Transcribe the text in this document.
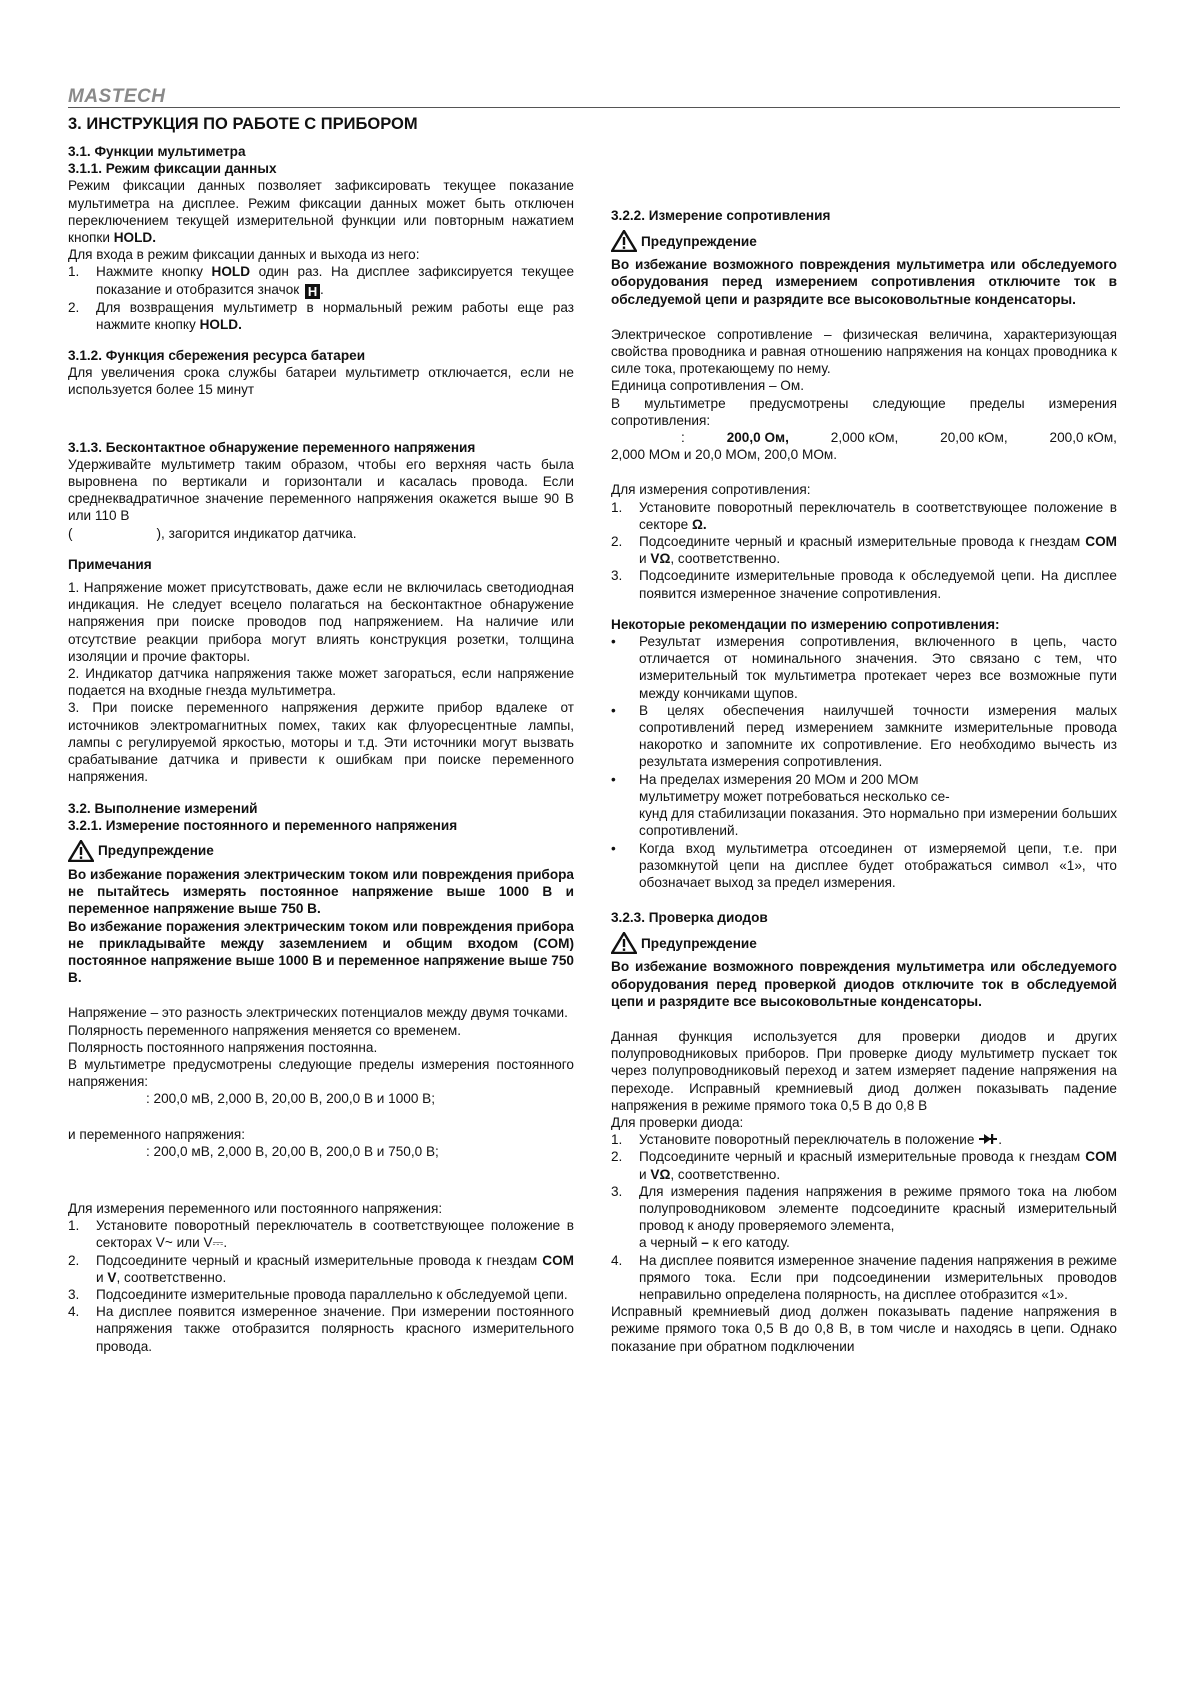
MASTECH
3. ИНСТРУКЦИЯ ПО РАБОТЕ С ПРИБОРОМ
3.1. Функции мультиметра
3.1.1. Режим фиксации данных

Режим фиксации данных позволяет зафиксировать текущее показание мультиметра на дисплее. Режим фиксации данных может быть отключен переключением текущей измерительной функции или повторным нажатием кнопки HOLD.

Для входа в режим фиксации данных и выхода из него:

1.	Нажмите кнопку HOLD один раз. На дисплее зафиксируется текущее показание и отобразится значок H .
2.	Для возвращения мультиметр в нормальный режим работы еще раз нажмите кнопку HOLD.
3.1.2. Функция сбережения ресурса батареи

Для увеличения срока службы батареи мультиметр отключается, если не используется более 15 минут

3.1.3. Бесконтактное обнаружение переменного напряжения

Удерживайте мультиметр таким образом, чтобы его верхняя часть была выровнена по вертикали и горизонтали и касалась провода. Если среднеквадратичное значение переменного напряжения окажется выше 90 В или 110 В
(	), загорится индикатор датчика.

Примечания

1. Напряжение может присутствовать, даже если не включилась светодиодная индикация. Не следует всецело полагаться на бесконтактное обнаружение напряжения при поиске проводов под напряжением. На наличие или отсутствие реакции прибора могут влиять конструкция розетки, толщина изоляции и прочие факторы.

2. Индикатор датчика напряжения также может загораться, если напряжение подается на входные гнезда мультиметра.

3. При поиске переменного напряжения держите прибор вдалеке от источников электромагнитных помех, таких как флуоресцентные лампы, лампы с регулируемой яркостью, моторы и т.д. Эти источники могут вызвать срабатывание датчика и привести к ошибкам при поиске переменного напряжения.

3.2. Выполнение измерений
3.2.1. Измерение постоянного и переменного напряжения
Предупреждение

Во избежание поражения электрическим током или повреждения прибора не пытайтесь измерять постоянное напряжение выше 1000 В и переменное напряжение выше 750 В.

Во избежание поражения электрическим током или повреждения прибора не прикладывайте между заземлением и общим входом (COM) постоянное напряжение выше 1000 В и переменное напряжение выше 750 В.

Напряжение – это разность электрических потенциалов между двумя точками.

Полярность переменного напряжения меняется со временем.

Полярность постоянного напряжения постоянна.

В мультиметре предусмотрены следующие пределы измерения постоянного напряжения:

: 200,0 мВ, 2,000 В, 20,00 В, 200,0 В и 1000 В;

и переменного напряжения:

: 200,0 мВ, 2,000 В, 20,00 В, 200,0 В и 750,0 В;

Для измерения переменного или постоянного напряжения:

1.	Установите поворотный переключатель в соответствующее положение в секторах V~ или V⎓.
2.	Подсоедините черный и красный измерительные провода к гнездам COM и V, соответственно.
3.	Подсоедините измерительные провода параллельно к обследуемой цепи.
4.	На дисплее появится измеренное значение. При измерении постоянного напряжения также отобразится полярность красного измерительного провода.
3.2.2. Измерение сопротивления
Предупреждение

Во избежание возможного повреждения мультиметра или обследуемого оборудования перед измерением сопротивления отключите ток в обследуемой цепи и разрядите все высоковольтные конденсаторы.

Электрическое сопротивление – физическая величина, характеризующая свойства проводника и равная отношению напряжения на концах проводника к силе тока, протекающему по нему.

Единица сопротивления – Ом.

В мультиметре предусмотрены следующие пределы измерения сопротивления:

:	200,0 Ом,	2,000 кОм,	20,00 кОм,	200,0 кОм,

2,000 МОм и 20,0 МОм, 200,0 МОм.

Для измерения сопротивления:

1.	Установите поворотный переключатель в соответствующее положение в секторе Ω.
2.	Подсоедините черный и красный измерительные провода к гнездам COM и VΩ, соответственно.
3.	Подсоедините измерительные провода к обследуемой цепи. На дисплее появится измеренное значение сопротивления.
Некоторые рекомендации по измерению сопротивления:
•	Результат измерения сопротивления, включенного в цепь, часто отличается от номинального значения. Это связано с тем, что измерительный ток мультиметра протекает через все возможные пути между кончиками щупов.
•	В целях обеспечения наилучшей точности измерения малых сопротивлений перед измерением замкните измерительные провода накоротко и запомните их сопротивление. Его необходимо вычесть из результата измерения сопротивления.
•	На пределах измерения 20 МОм и 200 МОм
мультиметру может потребоваться несколько се-
кунд для стабилизации показания. Это нормально при измерении больших сопротивлений.
•	Когда вход мультиметра отсоединен от измеряемой цепи, т.е. при разомкнутой цепи на дисплее будет отображаться символ «1», что обозначает выход за предел измерения.
3.2.3. Проверка диодов
Предупреждение

Во избежание возможного повреждения мультиметра или обследуемого оборудования перед проверкой диодов отключите ток в обследуемой цепи и разрядите все высоковольтные конденсаторы.

Данная функция используется для проверки диодов и других полупроводниковых приборов. При проверке диоду мультиметр пускает ток через полупроводниковый переход и затем измеряет падение напряжения на переходе. Исправный кремниевый диод должен показывать падение напряжения в режиме прямого тока 0,5 В до 0,8 В

Для проверки диода:

1.	Установите поворотный переключатель в положение .
2.	Подсоедините черный и красный измерительные провода к гнездам COM и VΩ, соответственно.
3.	Для измерения падения напряжения в режиме прямого тока на любом полупроводниковом элементе подсоедините красный измерительный провод к аноду проверяемого элемента,
а черный – к его катоду.
4.	На дисплее появится измеренное значение падения напряжения в режиме прямого тока. Если при подсоединении измерительных проводов неправильно определена полярность, на дисплее отобразится «1».

Исправный кремниевый диод должен показывать падение напряжения в режиме прямого тока 0,5 В до 0,8 В, в том числе и находясь в цепи. Однако показание при обратном подключении
